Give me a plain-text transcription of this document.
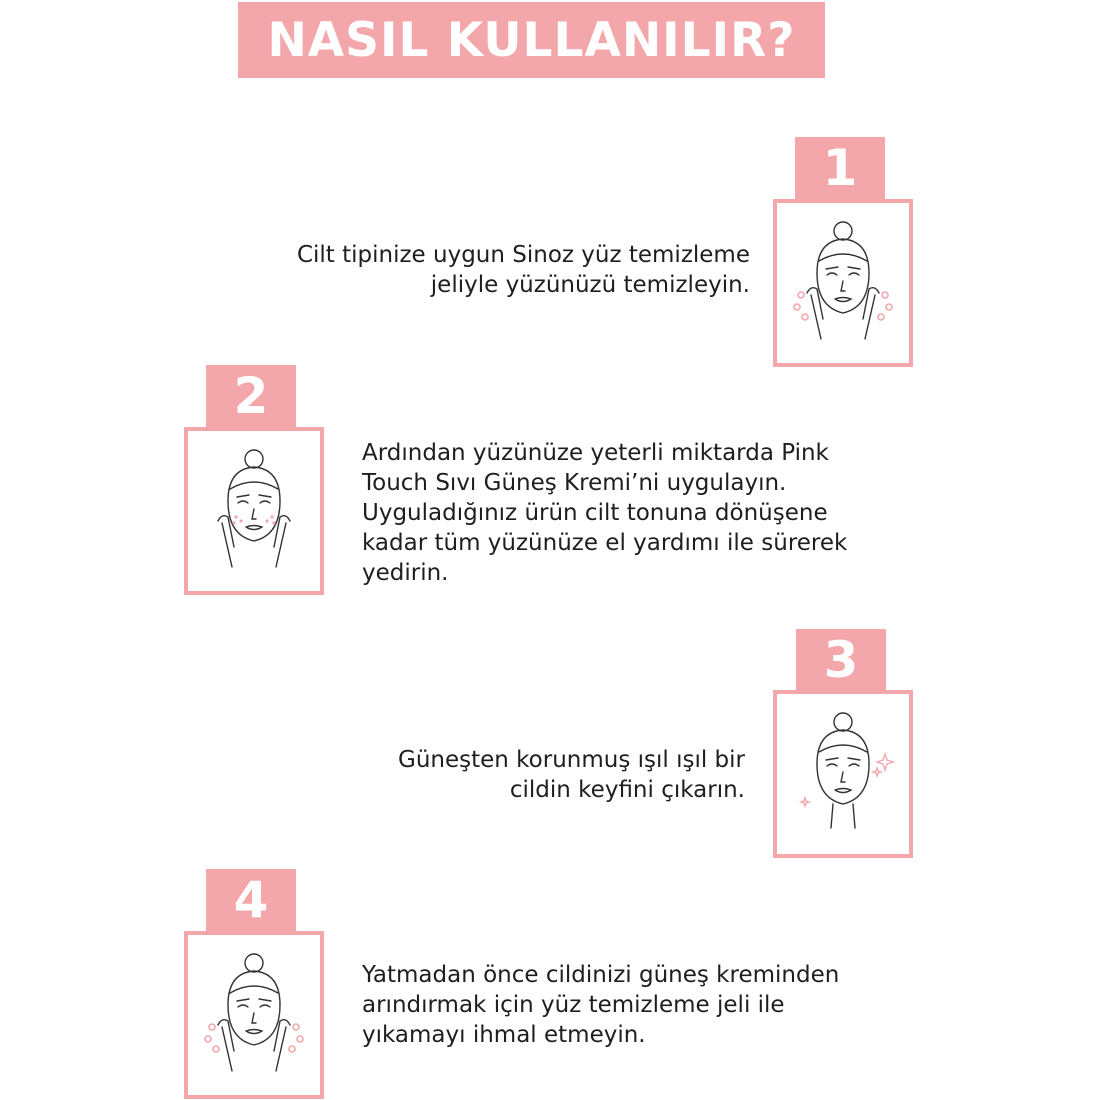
NASIL KULLANILIR?
1
Cilt tipinize uygun Sinoz yüz temizleme
jeliyle yüzünüzü temizleyin.
2
Ardından yüzünüze yeterli miktarda Pink
Touch Sıvı Güneş Kremi’ni uygulayın.
Uyguladığınız ürün cilt tonuna dönüşene
kadar tüm yüzünüze el yardımı ile sürerek
yedirin.
3
Güneşten korunmuş ışıl ışıl bir
cildin keyfini çıkarın.
4
Yatmadan önce cildinizi güneş kreminden
arındırmak için yüz temizleme jeli ile
yıkamayı ihmal etmeyin.
